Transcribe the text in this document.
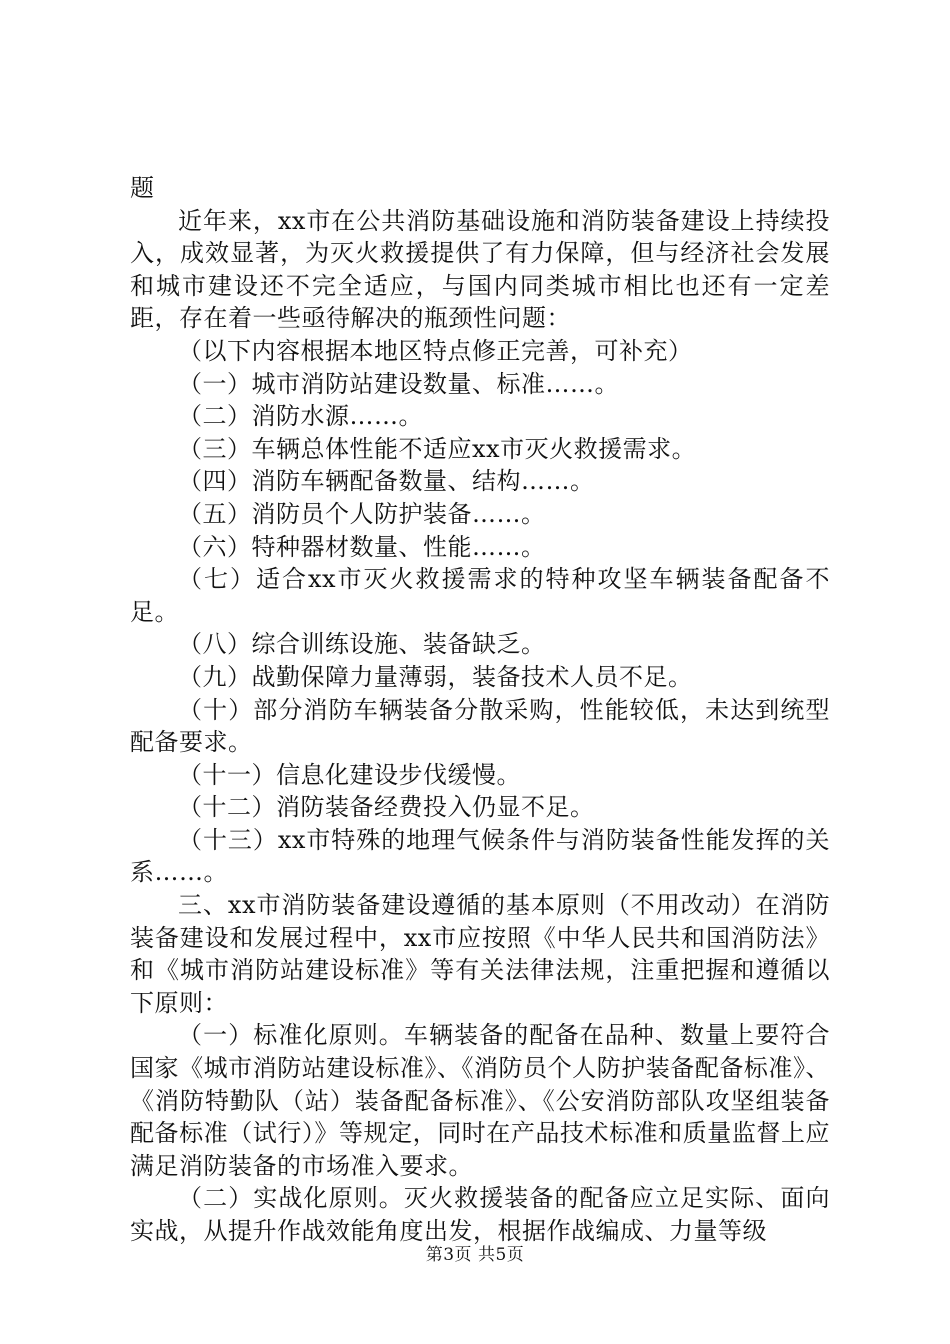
题

近年来，xx市在公共消防基础设施和消防装备建设上持续投入，成效显著，为灭火救援提供了有力保障，但与经济社会发展和城市建设还不完全适应，与国内同类城市相比也还有一定差距，存在着一些亟待解决的瓶颈性问题：

（以下内容根据本地区特点修正完善，可补充）

（一）城市消防站建设数量、标准……。

（二）消防水源……。

（三）车辆总体性能不适应xx市灭火救援需求。

（四）消防车辆配备数量、结构……。

（五）消防员个人防护装备……。

（六）特种器材数量、性能……。

（七）适合xx市灭火救援需求的特种攻坚车辆装备配备不足。

（八）综合训练设施、装备缺乏。

（九）战勤保障力量薄弱，装备技术人员不足。

（十）部分消防车辆装备分散采购，性能较低，未达到统型配备要求。

（十一）信息化建设步伐缓慢。

（十二）消防装备经费投入仍显不足。

（十三）xx市特殊的地理气候条件与消防装备性能发挥的关系……。

三、xx市消防装备建设遵循的基本原则（不用改动）在消防装备建设和发展过程中，xx市应按照《中华人民共和国消防法》和《城市消防站建设标准》等有关法律法规，注重把握和遵循以下原则：

（一）标准化原则。车辆装备的配备在品种、数量上要符合国家《城市消防站建设标准》、《消防员个人防护装备配备标准》、《消防特勤队（站）装备配备标准》、《公安消防部队攻坚组装备配备标准（试行）》等规定，同时在产品技术标准和质量监督上应满足消防装备的市场准入要求。

（二）实战化原则。灭火救援装备的配备应立足实际、面向实战，从提升作战效能角度出发，根据作战编成、力量等级

第3页 共5页
